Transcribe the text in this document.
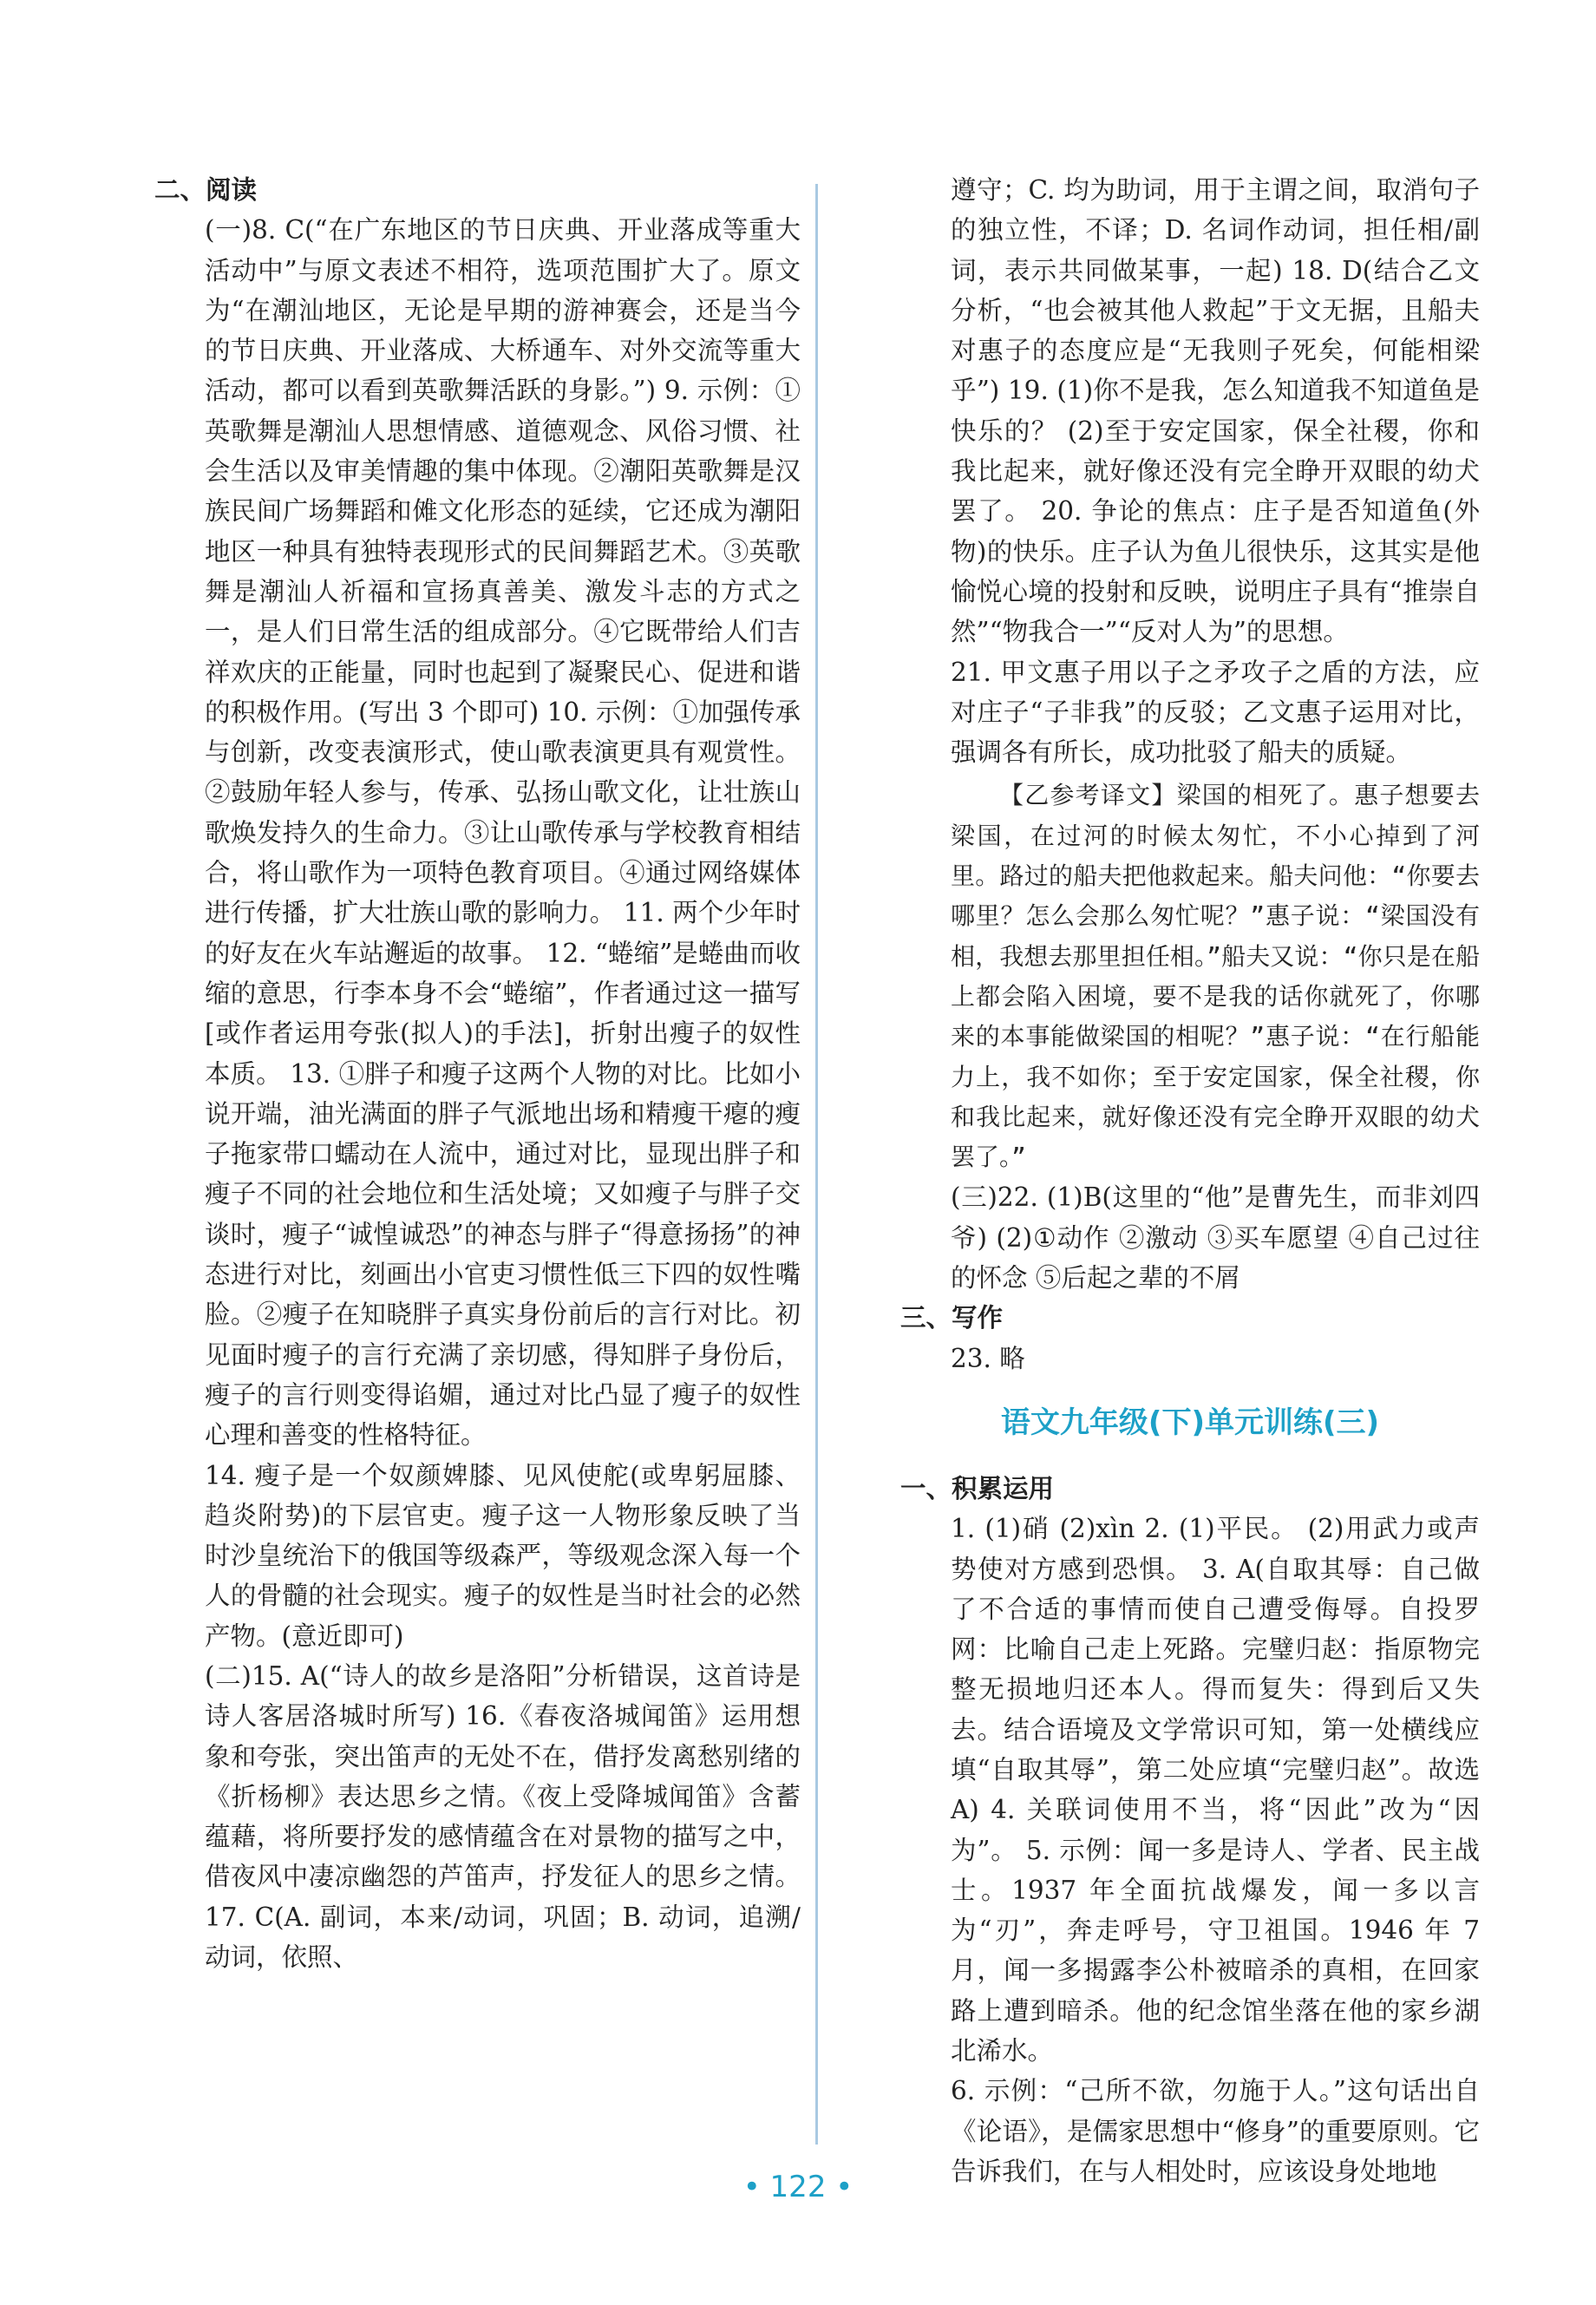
二、阅读

(一)8. C(“在广东地区的节日庆典、开业落成等重大活动中”与原文表述不相符，选项范围扩大了。原文为“在潮汕地区，无论是早期的游神赛会，还是当今的节日庆典、开业落成、大桥通车、对外交流等重大活动，都可以看到英歌舞活跃的身影。”) 9. 示例：①英歌舞是潮汕人思想情感、道德观念、风俗习惯、社会生活以及审美情趣的集中体现。②潮阳英歌舞是汉族民间广场舞蹈和傩文化形态的延续，它还成为潮阳地区一种具有独特表现形式的民间舞蹈艺术。③英歌舞是潮汕人祈福和宣扬真善美、激发斗志的方式之一，是人们日常生活的组成部分。④它既带给人们吉祥欢庆的正能量，同时也起到了凝聚民心、促进和谐的积极作用。(写出 3 个即可) 10. 示例：①加强传承与创新，改变表演形式，使山歌表演更具有观赏性。②鼓励年轻人参与，传承、弘扬山歌文化，让壮族山歌焕发持久的生命力。③让山歌传承与学校教育相结合，将山歌作为一项特色教育项目。④通过网络媒体进行传播，扩大壮族山歌的影响力。 11. 两个少年时的好友在火车站邂逅的故事。 12. “蜷缩”是蜷曲而收缩的意思，行李本身不会“蜷缩”，作者通过这一描写[或作者运用夸张(拟人)的手法]，折射出瘦子的奴性本质。 13. ①胖子和瘦子这两个人物的对比。比如小说开端，油光满面的胖子气派地出场和精瘦干瘪的瘦子拖家带口蠕动在人流中，通过对比，显现出胖子和瘦子不同的社会地位和生活处境；又如瘦子与胖子交谈时，瘦子“诚惶诚恐”的神态与胖子“得意扬扬”的神态进行对比，刻画出小官吏习惯性低三下四的奴性嘴脸。②瘦子在知晓胖子真实身份前后的言行对比。初见面时瘦子的言行充满了亲切感，得知胖子身份后，瘦子的言行则变得谄媚，通过对比凸显了瘦子的奴性心理和善变的性格特征。

14. 瘦子是一个奴颜婢膝、见风使舵(或卑躬屈膝、趋炎附势)的下层官吏。瘦子这一人物形象反映了当时沙皇统治下的俄国等级森严，等级观念深入每一个人的骨髓的社会现实。瘦子的奴性是当时社会的必然产物。(意近即可)

(二)15. A(“诗人的故乡是洛阳”分析错误，这首诗是诗人客居洛城时所写) 16.《春夜洛城闻笛》运用想象和夸张，突出笛声的无处不在，借抒发离愁别绪的《折杨柳》表达思乡之情。《夜上受降城闻笛》含蓄蕴藉，将所要抒发的感情蕴含在对景物的描写之中，借夜风中凄凉幽怨的芦笛声，抒发征人的思乡之情。 17. C(A. 副词，本来/动词，巩固；B. 动词，追溯/动词，依照、

遵守；C. 均为助词，用于主谓之间，取消句子的独立性，不译；D. 名词作动词，担任相/副词，表示共同做某事，一起) 18. D(结合乙文分析，“也会被其他人救起”于文无据，且船夫对惠子的态度应是“无我则子死矣，何能相梁乎”) 19. (1)你不是我，怎么知道我不知道鱼是快乐的？ (2)至于安定国家，保全社稷，你和我比起来，就好像还没有完全睁开双眼的幼犬罢了。 20. 争论的焦点：庄子是否知道鱼(外物)的快乐。庄子认为鱼儿很快乐，这其实是他愉悦心境的投射和反映，说明庄子具有“推崇自然”“物我合一”“反对人为”的思想。

21. 甲文惠子用以子之矛攻子之盾的方法，应对庄子“子非我”的反驳；乙文惠子运用对比，强调各有所长，成功批驳了船夫的质疑。

【乙参考译文】梁国的相死了。惠子想要去梁国，在过河的时候太匆忙，不小心掉到了河里。路过的船夫把他救起来。船夫问他：“你要去哪里？怎么会那么匆忙呢？”惠子说：“梁国没有相，我想去那里担任相。”船夫又说：“你只是在船上都会陷入困境，要不是我的话你就死了，你哪来的本事能做梁国的相呢？”惠子说：“在行船能力上，我不如你；至于安定国家，保全社稷，你和我比起来，就好像还没有完全睁开双眼的幼犬罢了。”

(三)22. (1)B(这里的“他”是曹先生，而非刘四爷) (2)①动作 ②激动 ③买车愿望 ④自己过往的怀念 ⑤后起之辈的不屑

三、写作

23. 略

语文九年级(下)单元训练(三)

一、积累运用

1. (1)硝 (2)xìn 2. (1)平民。 (2)用武力或声势使对方感到恐惧。 3. A(自取其辱：自己做了不合适的事情而使自己遭受侮辱。自投罗网：比喻自己走上死路。完璧归赵：指原物完整无损地归还本人。得而复失：得到后又失去。结合语境及文学常识可知，第一处横线应填“自取其辱”，第二处应填“完璧归赵”。故选A) 4. 关联词使用不当，将“因此”改为“因为”。 5. 示例：闻一多是诗人、学者、民主战士。1937 年全面抗战爆发，闻一多以言为“刃”，奔走呼号，守卫祖国。1946 年 7 月，闻一多揭露李公朴被暗杀的真相，在回家路上遭到暗杀。他的纪念馆坐落在他的家乡湖北浠水。

6. 示例：“己所不欲，勿施于人。”这句话出自《论语》，是儒家思想中“修身”的重要原则。它告诉我们，在与人相处时，应该设身处地地

• 122 •
